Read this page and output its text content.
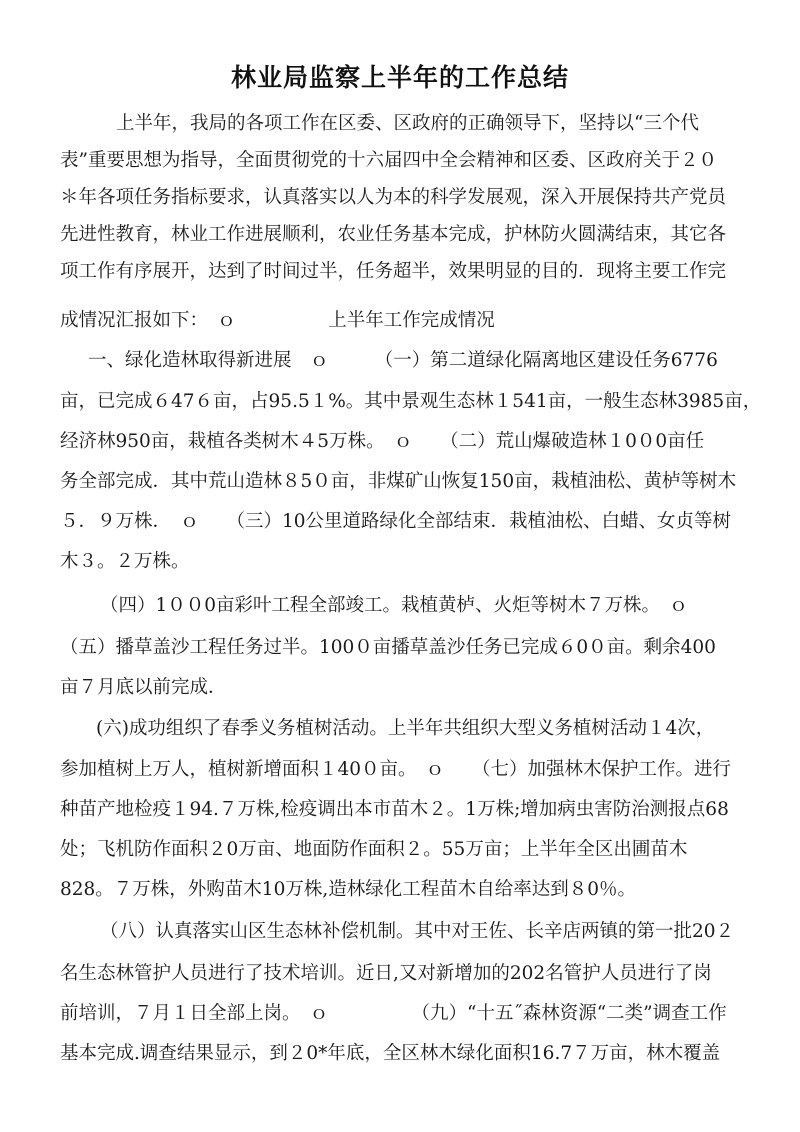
林业局监察上半年的工作总结
上半年，我局的各项工作在区委、区政府的正确领导下，坚持以“三个代
表”重要思想为指导，全面贯彻党的十六届四中全会精神和区委、区政府关于２０
＊年各项任务指标要求，认真落实以人为本的科学发展观，深入开展保持共产党员
先进性教育，林业工作进展顺利，农业任务基本完成，护林防火圆满结束，其它各
项工作有序展开，达到了时间过半，任务超半，效果明显的目的．现将主要工作完
成情况汇报如下：　ｏ　　　　　上半年工作完成情况
一、绿化造林取得新进展　ｏ　　　（一）第二道绿化隔离地区建设任务6776
亩，已完成６47６亩，占95.5１%。其中景观生态林１541亩，一般生态林3985亩，
经济林950亩，栽植各类树木４5万株。　ｏ　　（二）荒山爆破造林１0０0亩任
务全部完成．其中荒山造林８5０亩，非煤矿山恢复150亩，栽植油松、黄栌等树木
５．９万株．　ｏ　　（三）10公里道路绿化全部结束．栽植油松、白蜡、女贞等树
木３。２万株。
（四）1００0亩彩叶工程全部竣工。栽植黄栌、火炬等树木７万株。　ｏ
（五）播草盖沙工程任务过半。100０亩播草盖沙任务已完成６0０亩。剩余400
亩７月底以前完成．
(六)成功组织了春季义务植树活动。上半年共组织大型义务植树活动１4次，
参加植树上万人，植树新增面积１40０亩。　ｏ　　（七）加强林木保护工作。进行
种苗产地检疫１94.７万株,检疫调出本市苗木２。1万株;增加病虫害防治测报点68
处；飞机防作面积２0万亩、地面防作面积２。55万亩；上半年全区出圃苗木
828。７万株，外购苗木10万株,造林绿化工程苗木自给率达到８0％。
（八）认真落实山区生态林补偿机制。其中对王佐、长辛店两镇的第一批20２
名生态林管护人员进行了技术培训。近日,又对新增加的202名管护人员进行了岗
前培训，７月１日全部上岗。　ｏ　　　　　（九）“十五˝森林资源“二类”调查工作
基本完成.调查结果显示，到２0*年底，全区林木绿化面积16.7７万亩，林木覆盖
